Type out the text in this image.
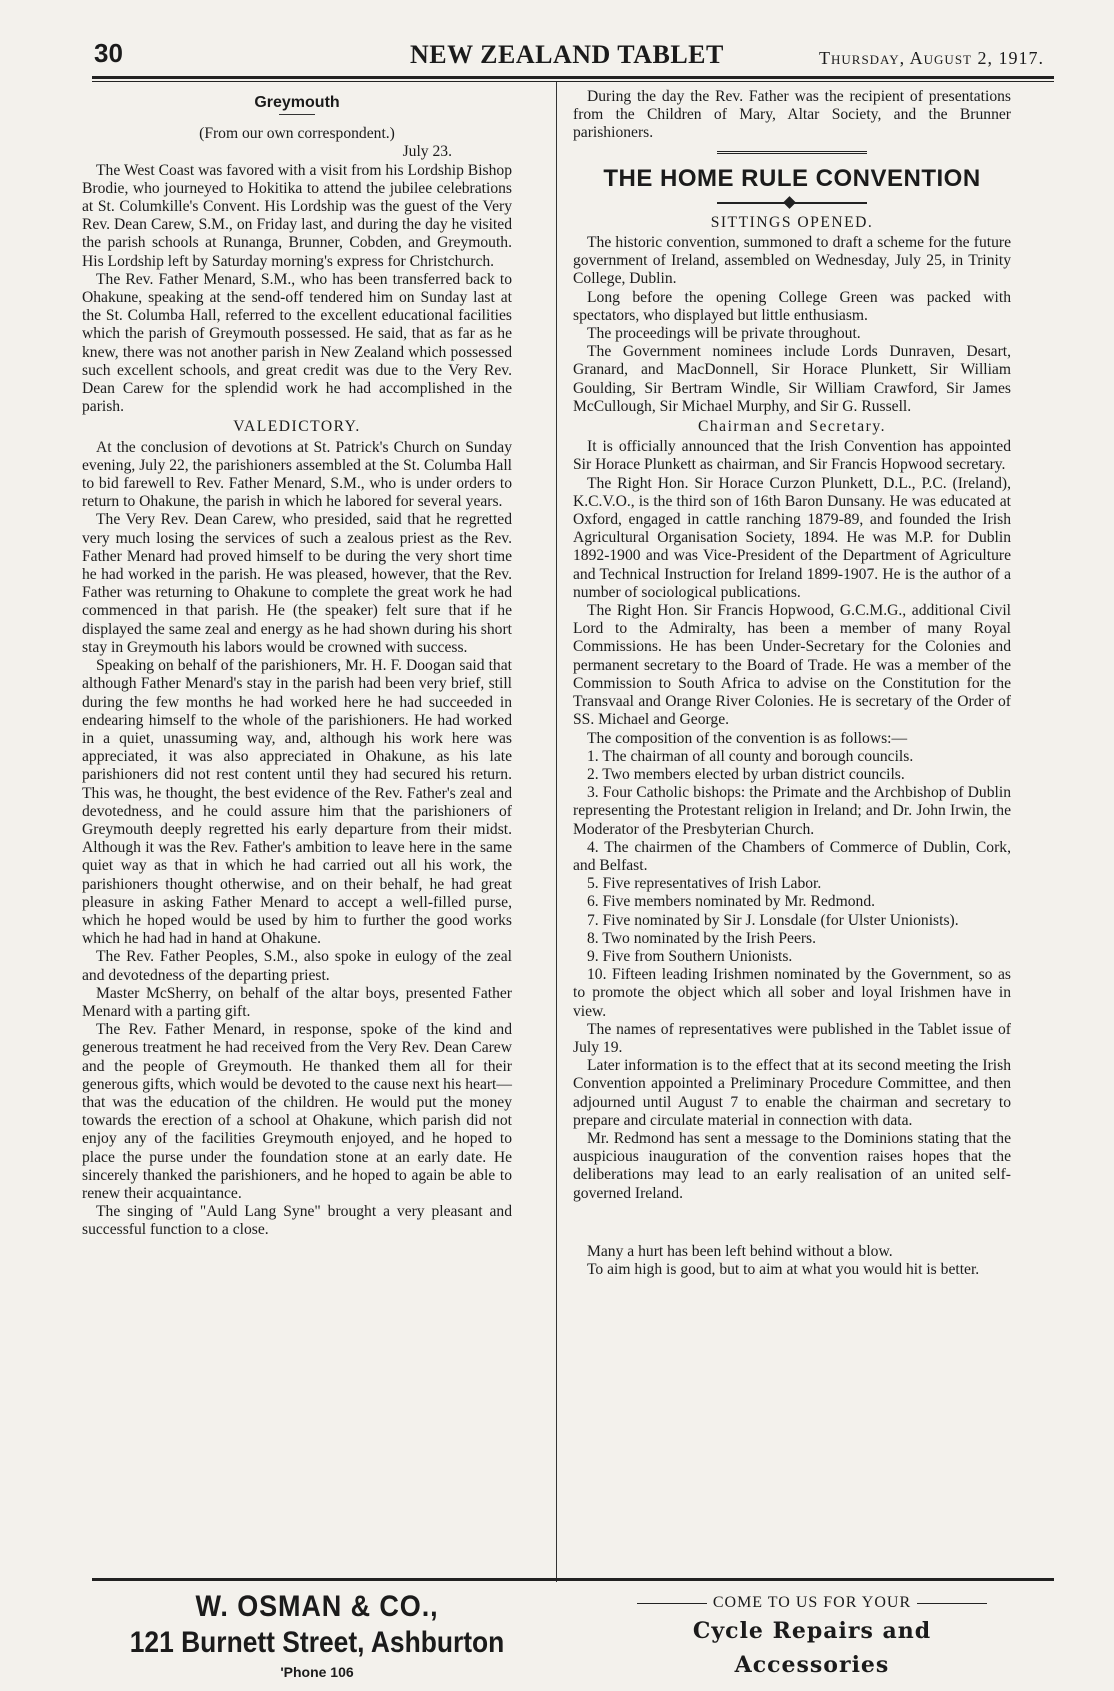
30	NEW ZEALAND TABLET	Thursday, August 2, 1917.
Greymouth

(From our own correspondent.)

July 23.

The West Coast was favored with a visit from his Lordship Bishop Brodie, who journeyed to Hokitika to attend the jubilee celebrations at St. Columkille's Convent. His Lordship was the guest of the Very Rev. Dean Carew, S.M., on Friday last, and during the day he visited the parish schools at Runanga, Brunner, Cobden, and Greymouth. His Lordship left by Saturday morning's express for Christchurch.

The Rev. Father Menard, S.M., who has been transferred back to Ohakune, speaking at the send-off tendered him on Sunday last at the St. Columba Hall, referred to the excellent educational facilities which the parish of Greymouth possessed. He said, that as far as he knew, there was not another parish in New Zealand which possessed such excellent schools, and great credit was due to the Very Rev. Dean Carew for the splendid work he had accomplished in the parish.

VALEDICTORY.

At the conclusion of devotions at St. Patrick's Church on Sunday evening, July 22, the parishioners assembled at the St. Columba Hall to bid farewell to Rev. Father Menard, S.M., who is under orders to return to Ohakune, the parish in which he labored for several years.

The Very Rev. Dean Carew, who presided, said that he regretted very much losing the services of such a zealous priest as the Rev. Father Menard had proved himself to be during the very short time he had worked in the parish. He was pleased, however, that the Rev. Father was returning to Ohakune to complete the great work he had commenced in that parish. He (the speaker) felt sure that if he displayed the same zeal and energy as he had shown during his short stay in Greymouth his labors would be crowned with success.

Speaking on behalf of the parishioners, Mr. H. F. Doogan said that although Father Menard's stay in the parish had been very brief, still during the few months he had worked here he had succeeded in endearing himself to the whole of the parishioners. He had worked in a quiet, unassuming way, and, although his work here was appreciated, it was also appreciated in Ohakune, as his late parishioners did not rest content until they had secured his return. This was, he thought, the best evidence of the Rev. Father's zeal and devotedness, and he could assure him that the parishioners of Greymouth deeply regretted his early departure from their midst. Although it was the Rev. Father's ambition to leave here in the same quiet way as that in which he had carried out all his work, the parishioners thought otherwise, and on their behalf, he had great pleasure in asking Father Menard to accept a well-filled purse, which he hoped would be used by him to further the good works which he had had in hand at Ohakune.

The Rev. Father Peoples, S.M., also spoke in eulogy of the zeal and devotedness of the departing priest.

Master McSherry, on behalf of the altar boys, presented Father Menard with a parting gift.

The Rev. Father Menard, in response, spoke of the kind and generous treatment he had received from the Very Rev. Dean Carew and the people of Greymouth. He thanked them all for their generous gifts, which would be devoted to the cause next his heart—that was the education of the children. He would put the money towards the erection of a school at Ohakune, which parish did not enjoy any of the facilities Greymouth enjoyed, and he hoped to place the purse under the foundation stone at an early date. He sincerely thanked the parishioners, and he hoped to again be able to renew their acquaintance.

The singing of "Auld Lang Syne" brought a very pleasant and successful function to a close.

During the day the Rev. Father was the recipient of presentations from the Children of Mary, Altar Society, and the Brunner parishioners.

THE HOME RULE CONVENTION
SITTINGS OPENED.

The historic convention, summoned to draft a scheme for the future government of Ireland, assembled on Wednesday, July 25, in Trinity College, Dublin.

Long before the opening College Green was packed with spectators, who displayed but little enthusiasm.

The proceedings will be private throughout.

The Government nominees include Lords Dunraven, Desart, Granard, and MacDonnell, Sir Horace Plunkett, Sir William Goulding, Sir Bertram Windle, Sir William Crawford, Sir James McCullough, Sir Michael Murphy, and Sir G. Russell.

Chairman and Secretary.

It is officially announced that the Irish Convention has appointed Sir Horace Plunkett as chairman, and Sir Francis Hopwood secretary.

The Right Hon. Sir Horace Curzon Plunkett, D.L., P.C. (Ireland), K.C.V.O., is the third son of 16th Baron Dunsany. He was educated at Oxford, engaged in cattle ranching 1879-89, and founded the Irish Agricultural Organisation Society, 1894. He was M.P. for Dublin 1892-1900 and was Vice-President of the Department of Agriculture and Technical Instruction for Ireland 1899-1907. He is the author of a number of sociological publications.

The Right Hon. Sir Francis Hopwood, G.C.M.G., additional Civil Lord to the Admiralty, has been a member of many Royal Commissions. He has been Under-Secretary for the Colonies and permanent secretary to the Board of Trade. He was a member of the Commission to South Africa to advise on the Constitution for the Transvaal and Orange River Colonies. He is secretary of the Order of SS. Michael and George.

The composition of the convention is as follows:—

1. The chairman of all county and borough councils.

2. Two members elected by urban district councils.

3. Four Catholic bishops: the Primate and the Archbishop of Dublin representing the Protestant religion in Ireland; and Dr. John Irwin, the Moderator of the Presbyterian Church.

4. The chairmen of the Chambers of Commerce of Dublin, Cork, and Belfast.

5. Five representatives of Irish Labor.

6. Five members nominated by Mr. Redmond.

7. Five nominated by Sir J. Lonsdale (for Ulster Unionists).

8. Two nominated by the Irish Peers.

9. Five from Southern Unionists.

10. Fifteen leading Irishmen nominated by the Government, so as to promote the object which all sober and loyal Irishmen have in view.

The names of representatives were published in the Tablet issue of July 19.

Later information is to the effect that at its second meeting the Irish Convention appointed a Preliminary Procedure Committee, and then adjourned until August 7 to enable the chairman and secretary to prepare and circulate material in connection with data.

Mr. Redmond has sent a message to the Dominions stating that the auspicious inauguration of the convention raises hopes that the deliberations may lead to an early realisation of an united self-governed Ireland.

Many a hurt has been left behind without a blow.

To aim high is good, but to aim at what you would hit is better.

W. OSMAN & CO.,
121 Burnett Street, Ashburton
'Phone 106
COME TO US FOR YOUR
Cycle Repairs and
Accessories
